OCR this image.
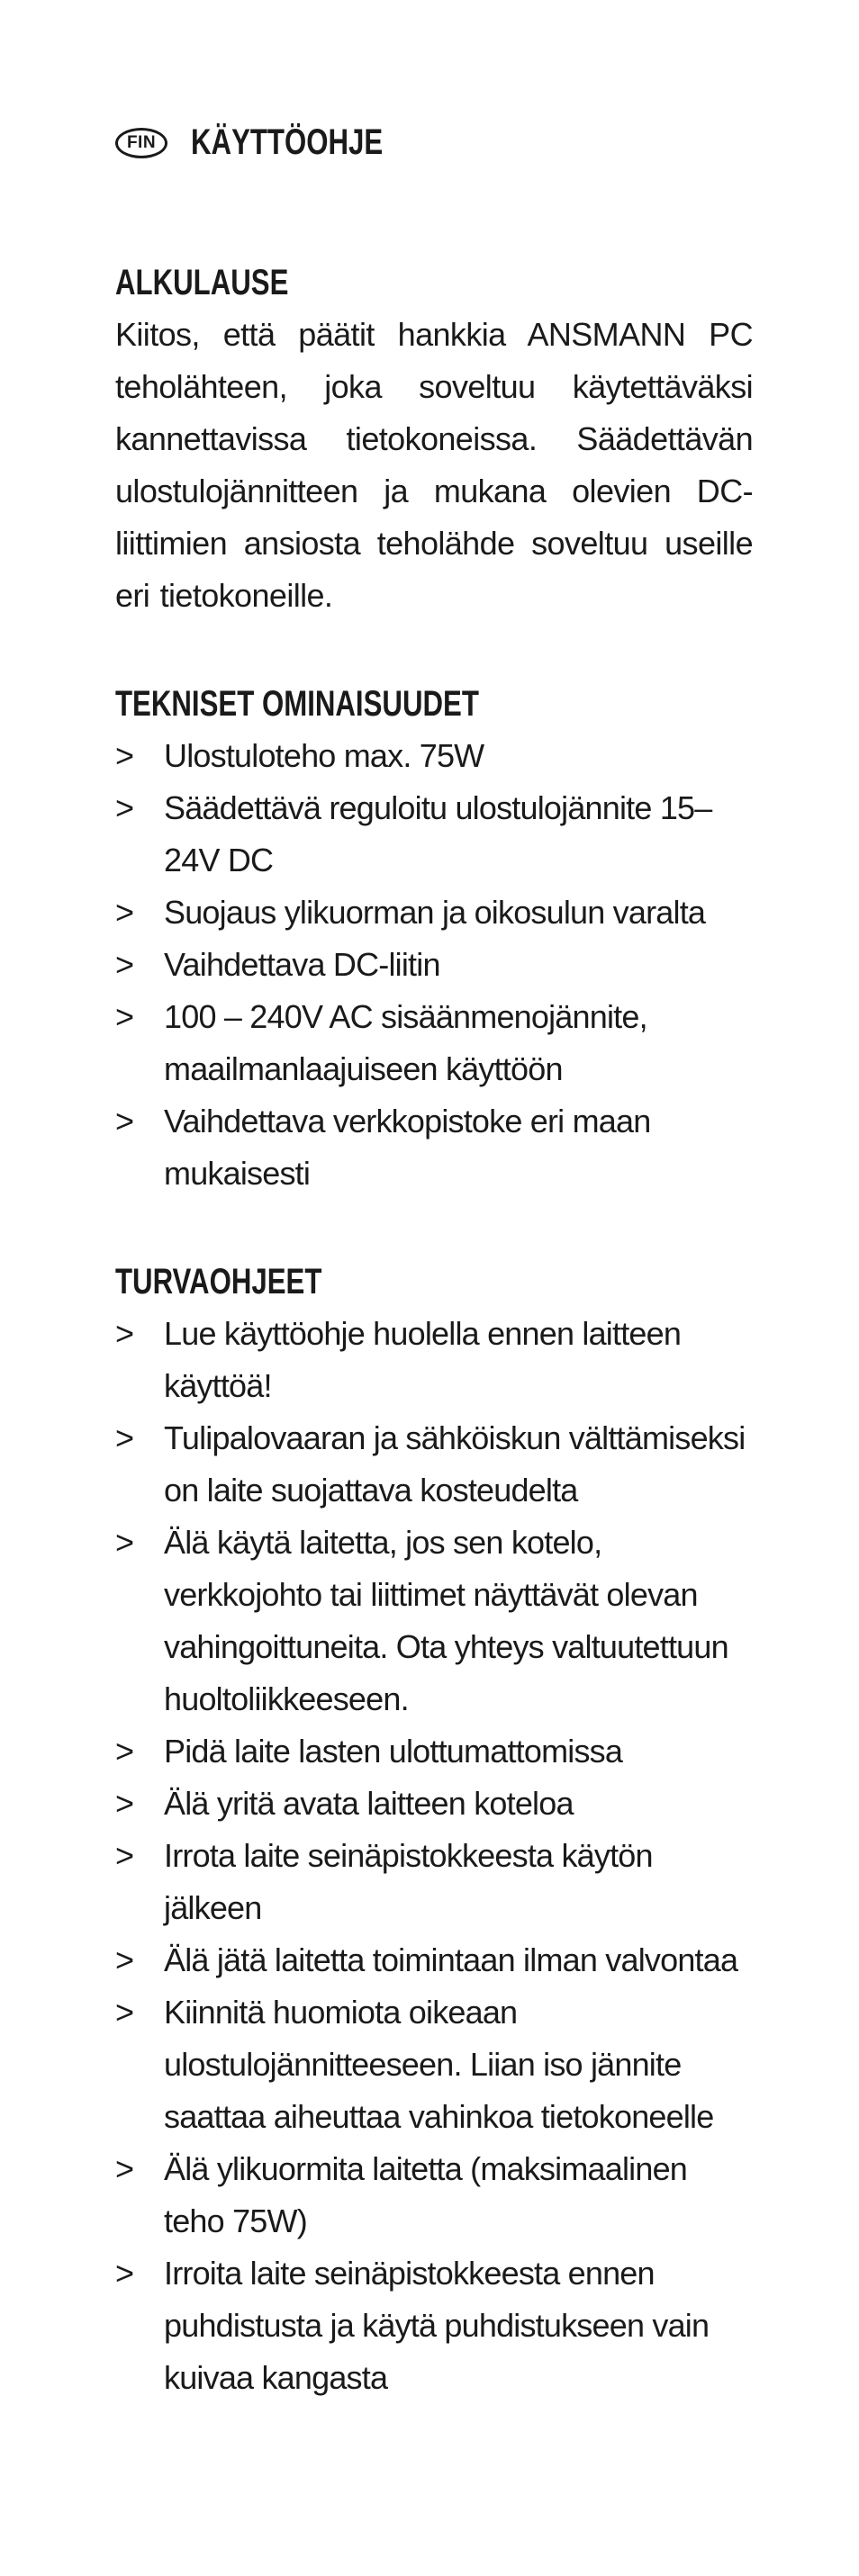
FIN KÄYTTÖOHJE
ALKULAUSE

Kiitos, että päätit hankkia ANSMANN PC teholähteen, joka soveltuu käytettäväksi kannettavissa tietokoneissa. Säädettävän ulostulojännitteen ja mukana olevien DC-liittimien ansiosta teholähde soveltuu useille eri tietokoneille.

TEKNISET OMINAISUUDET
> Ulostuloteho max. 75W
> Säädettävä reguloitu ulostulojännite 15–24V DC
> Suojaus ylikuorman ja oikosulun varalta
> Vaihdettava DC-liitin
> 100 – 240V AC sisäänmenojännite, maailmanlaajuiseen käyttöön
> Vaihdettava verkkopistoke eri maan mukaisesti
TURVAOHJEET
> Lue käyttöohje huolella ennen laitteen käyttöä!
> Tulipalovaaran ja sähköiskun välttämiseksi on laite suojattava kosteudelta
> Älä käytä laitetta, jos sen kotelo, verkkojohto tai liittimet näyttävät olevan vahingoittuneita. Ota yhteys valtuutettuun huoltoliikkeeseen.
> Pidä laite lasten ulottumattomissa
> Älä yritä avata laitteen koteloa
> Irrota laite seinäpistokkeesta käytön jälkeen
> Älä jätä laitetta toimintaan ilman valvontaa
> Kiinnitä huomiota oikeaan ulostulojännitteeseen. Liian iso jännite saattaa aiheuttaa vahinkoa tietokoneelle
> Älä ylikuormita laitetta (maksimaalinen teho 75W)
> Irroita laite seinäpistokkeesta ennen puhdistusta ja käytä puhdistukseen vain kuivaa kangasta
